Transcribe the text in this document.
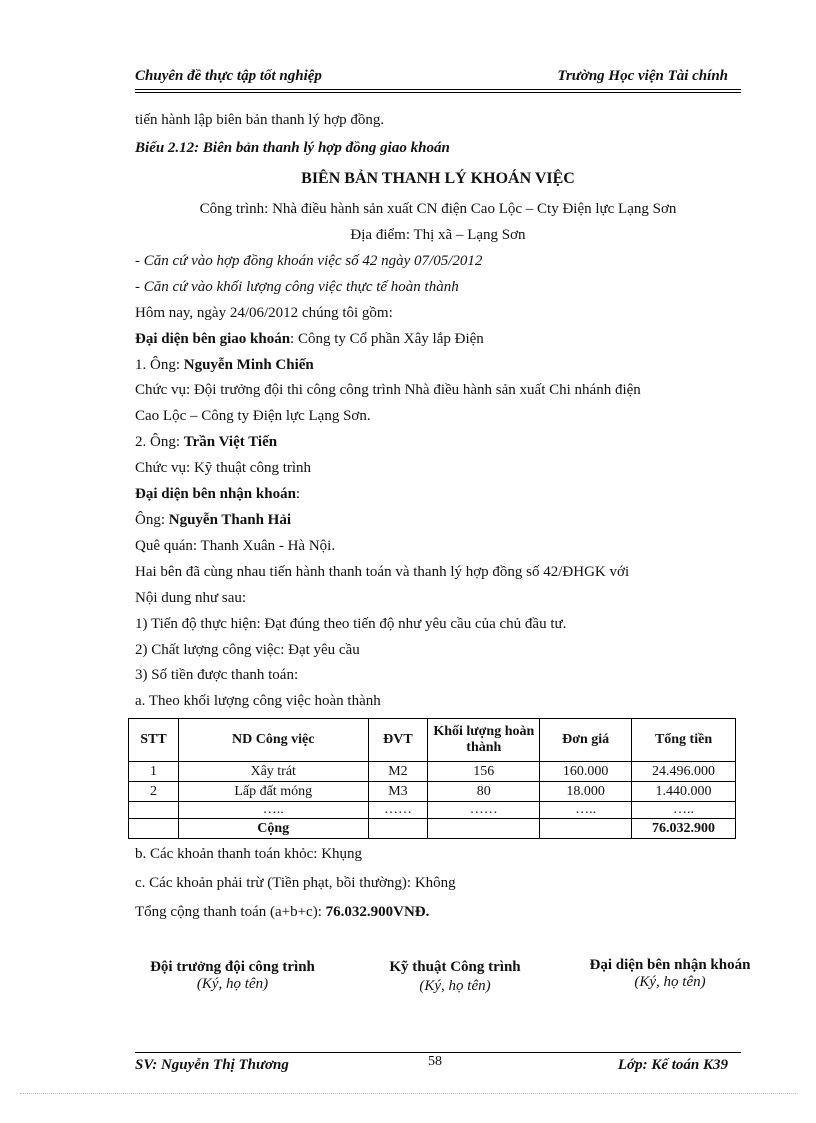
Chuyên đề thực tập tốt nghiệp	Trường Học viện Tài chính
tiến hành lập biên bản thanh lý hợp đồng.
Biểu 2.12: Biên bản thanh lý hợp đồng giao khoán
BIÊN BẢN THANH LÝ KHOÁN VIỆC
Công trình: Nhà điều hành sản xuất CN điện Cao Lộc – Cty Điện lực Lạng Sơn
Địa điểm: Thị xã – Lạng Sơn
- Căn cứ vào hợp đồng khoán việc số 42 ngày 07/05/2012
- Căn cứ vào khối lượng công việc thực tế hoàn thành
Hôm nay, ngày 24/06/2012 chúng tôi gồm:
Đại diện bên giao khoán: Công ty Cổ phần Xây lắp Điện
1. Ông: Nguyễn Minh Chiến
Chức vụ: Đội trưởng đội thi công công trình Nhà điều hành sản xuất Chi nhánh điện
Cao Lộc – Công ty Điện lực Lạng Sơn.
2. Ông: Trần Việt Tiến
Chức vụ: Kỹ thuật công trình
Đại diện bên nhận khoán:
Ông: Nguyễn Thanh Hải
Quê quán: Thanh Xuân - Hà Nội.
Hai bên đã cùng nhau tiến hành thanh toán và thanh lý hợp đồng số 42/ĐHGK với
Nội dung như sau:
1) Tiến độ thực hiện: Đạt đúng theo tiến độ như yêu cầu của chủ đầu tư.
2) Chất lượng công việc: Đạt yêu cầu
3) Số tiền được thanh toán:
a. Theo khối lượng công việc hoàn thành
STT	ND Công việc	ĐVT	Khối lượng hoàn thành	Đơn giá	Tổng tiền
1	Xây trát	M2	156	160.000	24.496.000
2	Lấp đất móng	M3	80	18.000	1.440.000
	…..	……	……	…..	…..
	Cộng				76.032.900
b. Các khoản thanh toán khỏc: Khụng
c. Các khoản phải trừ (Tiền phạt, bồi thường): Không
Tổng cộng thanh toán (a+b+c): 76.032.900VNĐ.
Đội trưởng đội công trình
(Ký, họ tên)
Kỹ thuật Công trình
(Ký, họ tên)
Đại diện bên nhận khoán
(Ký, họ tên)
SV: Nguyễn Thị Thương	58	Lớp: Kế toán K39
